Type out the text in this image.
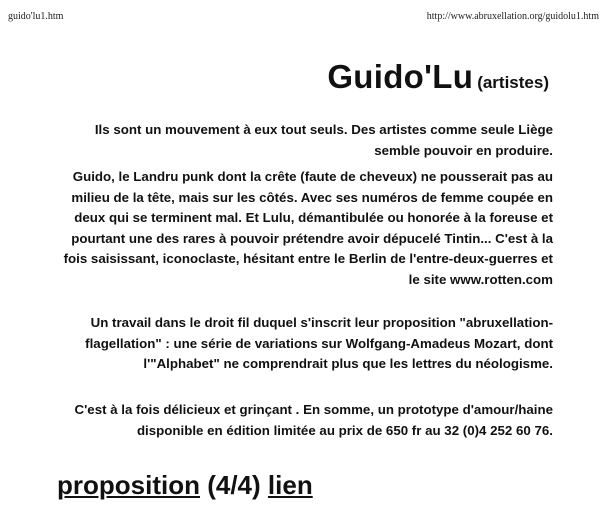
guido'lu1.htm	http://www.abruxellation.org/guidolu1.htm
Guido'Lu (artistes)

Ils sont un mouvement à eux tout seuls. Des artistes comme seule Liège semble pouvoir en produire.

Guido, le Landru punk dont la crête (faute de cheveux) ne pousserait pas au milieu de la tête, mais sur les côtés. Avec ses numéros de femme coupée en deux qui se terminent mal. Et Lulu, démantibulée ou honorée à la foreuse et pourtant une des rares à pouvoir prétendre avoir dépucelé Tintin... C'est à la fois saisissant, iconoclaste, hésitant entre le Berlin de l'entre-deux-guerres et le site www.rotten.com

Un travail dans le droit fil duquel s'inscrit leur proposition "abruxellation-flagellation" : une série de variations sur Wolfgang-Amadeus Mozart, dont l'"Alphabet" ne comprendrait plus que les lettres du néologisme.

C'est à la fois délicieux et grinçant . En somme, un prototype d'amour/haine disponible en édition limitée au prix de 650 fr au 32 (0)4 252 60 76.

proposition (4/4) lien
